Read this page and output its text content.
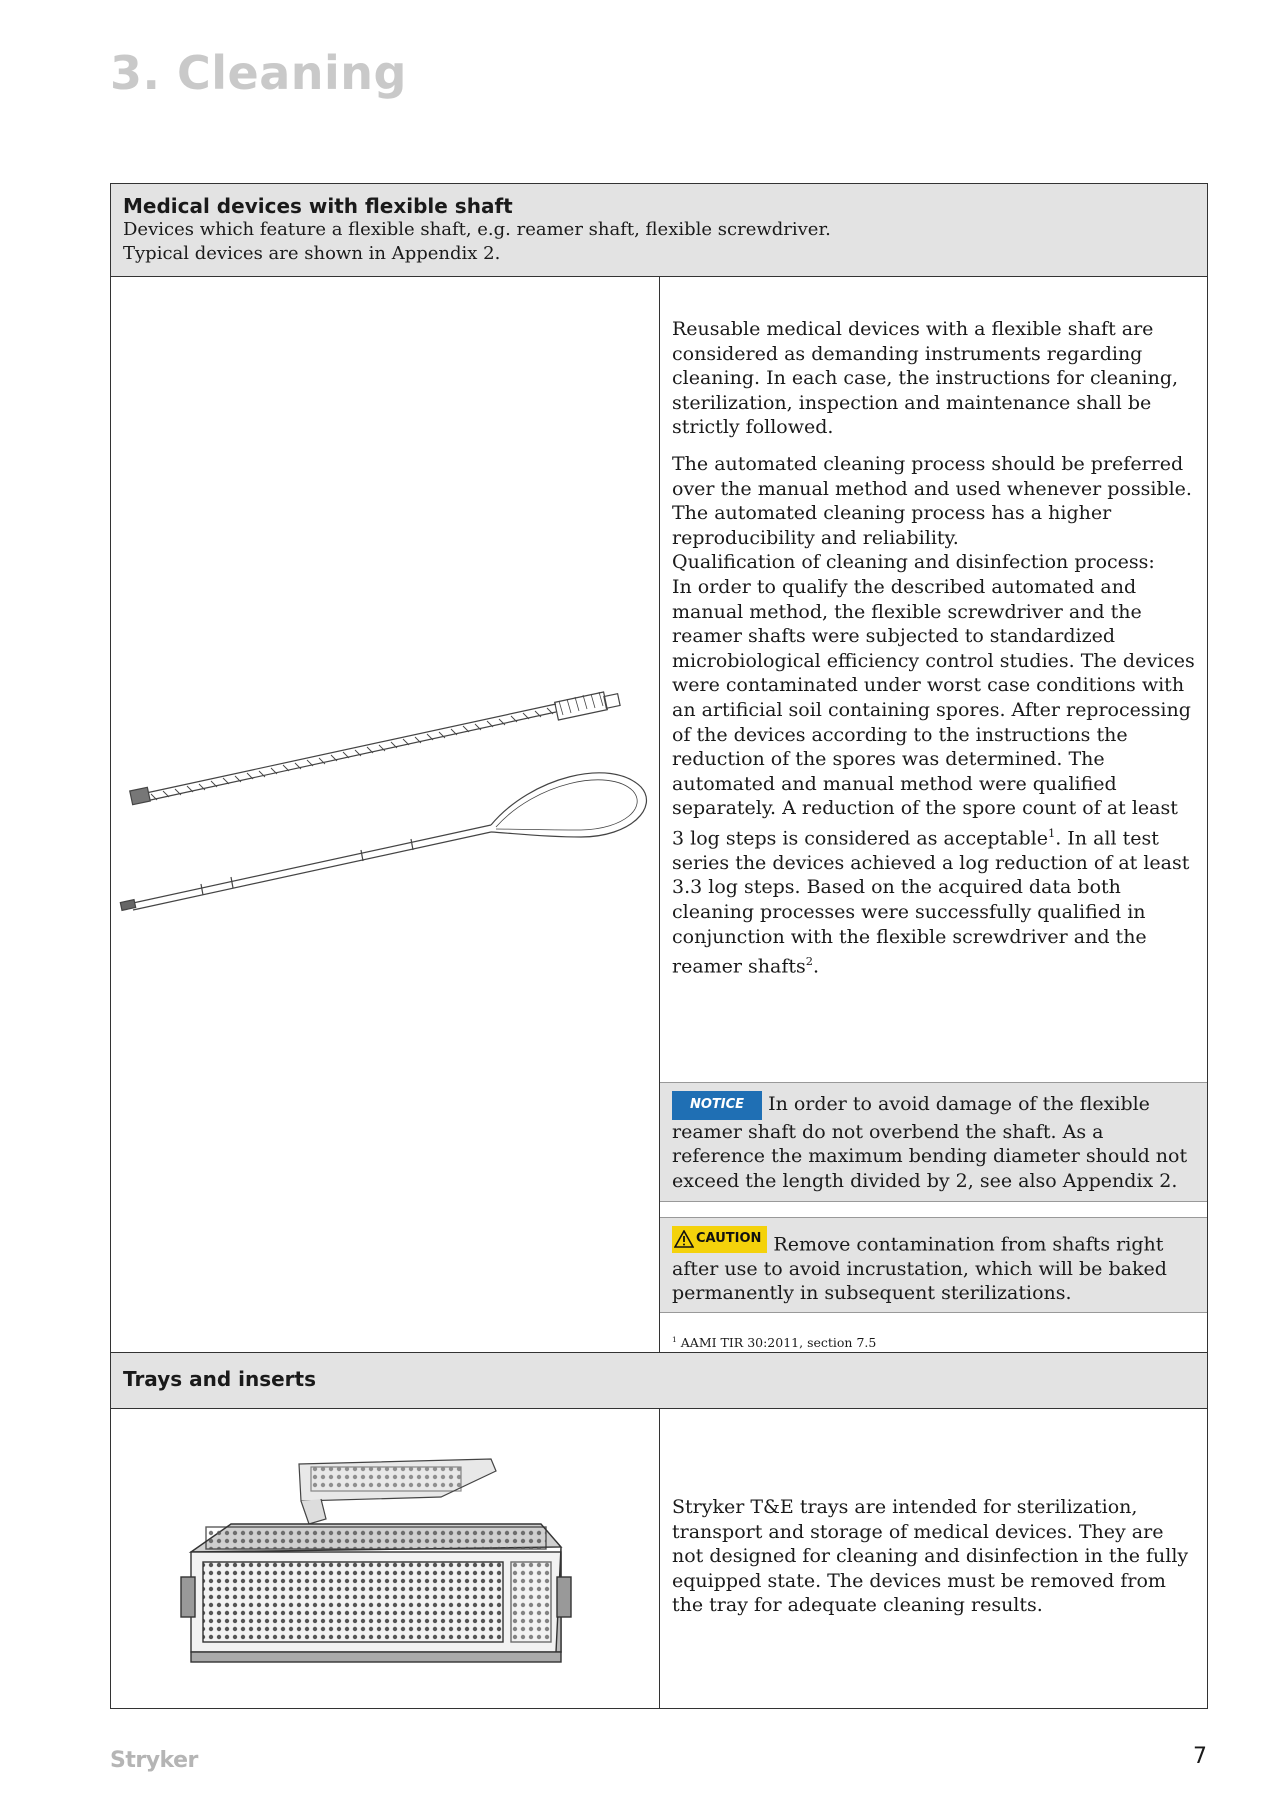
3. Cleaning

Medical devices with flexible shaft

Devices which feature a flexible shaft, e.g. reamer shaft, flexible screwdriver.

Typical devices are shown in Appendix 2.

Reusable medical devices with a flexible shaft are considered as demanding instruments regarding cleaning. In each case, the instructions for cleaning, sterilization, inspection and maintenance shall be strictly followed.

The automated cleaning process should be preferred over the manual method and used whenever possible. The automated cleaning process has a higher reproducibility and reliability.

Qualification of cleaning and disinfection process:

In order to qualify the described automated and manual method, the flexible screwdriver and the reamer shafts were subjected to standardized microbiological efficiency control studies. The devices were contaminated under worst case conditions with an artificial soil containing spores. After reprocessing of the devices according to the instructions the reduction of the spores was determined. The automated and manual method were qualified separately. A reduction of the spore count of at least 3 log steps is considered as acceptable$^1$. In all test series the devices achieved a log reduction of at least 3.3 log steps. Based on the acquired data both cleaning processes were successfully qualified in conjunction with the flexible screwdriver and the reamer shafts$^2$.

NOTICE In order to avoid damage of the flexible reamer shaft do not overbend the shaft. As a reference the maximum bending diameter should not exceed the length divided by 2, see also Appendix 2.

CAUTION Remove contamination from shafts right after use to avoid incrustation, which will be baked permanently in subsequent sterilizations.

$^1$ AAMI TIR 30:2011, section 7.5

Trays and inserts

Stryker T&E trays are intended for sterilization, transport and storage of medical devices. They are not designed for cleaning and disinfection in the fully equipped state. The devices must be removed from the tray for adequate cleaning results.

Stryker	7
